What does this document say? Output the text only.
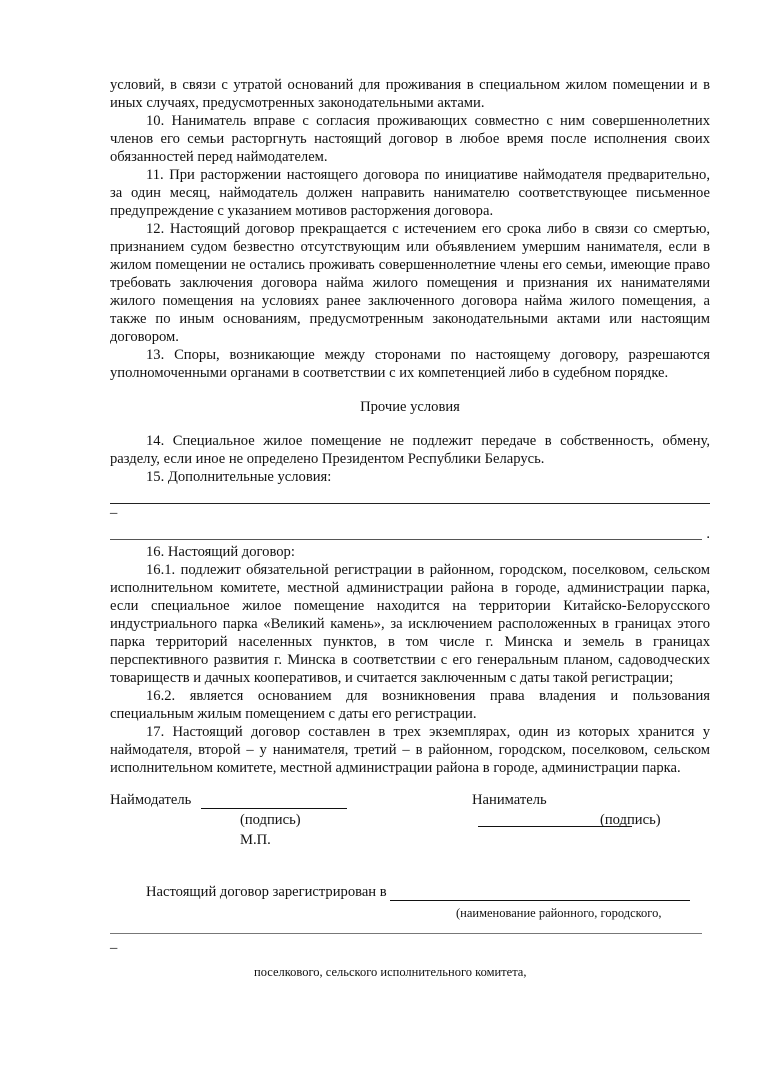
условий, в связи с утратой оснований для проживания в специальном жилом помещении и в иных случаях, предусмотренных законодательными актами.

10. Наниматель вправе с согласия проживающих совместно с ним совершеннолетних членов его семьи расторгнуть настоящий договор в любое время после исполнения своих обязанностей перед наймодателем.

11. При расторжении настоящего договора по инициативе наймодателя предварительно, за один месяц, наймодатель должен направить нанимателю соответствующее письменное предупреждение с указанием мотивов расторжения договора.

12. Настоящий договор прекращается с истечением его срока либо в связи со смертью, признанием судом безвестно отсутствующим или объявлением умершим нанимателя, если в жилом помещении не остались проживать совершеннолетние члены его семьи, имеющие право требовать заключения договора найма жилого помещения и признания их нанимателями жилого помещения на условиях ранее заключенного договора найма жилого помещения, а также по иным основаниям, предусмотренным законодательными актами или настоящим договором.

13. Споры, возникающие между сторонами по настоящему договору, разрешаются уполномоченными органами в соответствии с их компетенцией либо в судебном порядке.

Прочие условия

14. Специальное жилое помещение не подлежит передаче в собственность, обмену, разделу, если иное не определено Президентом Республики Беларусь.

15. Дополнительные условия:

–
.

16. Настоящий договор:

16.1. подлежит обязательной регистрации в районном, городском, поселковом, сельском исполнительном комитете, местной администрации района в городе, администрации парка, если специальное жилое помещение находится на территории Китайско-Белорусского индустриального парка «Великий камень», за исключением расположенных в границах этого парка территорий населенных пунктов, в том числе г. Минска и земель в границах перспективного развития г. Минска в соответствии с его генеральным планом, садоводческих товариществ и дачных кооперативов, и считается заключенным с даты такой регистрации;

16.2. является основанием для возникновения права владения и пользования специальным жилым помещением с даты его регистрации.

17. Настоящий договор составлен в трех экземплярах, один из которых хранится у наймодателя, второй – у нанимателя, третий – в районном, городском, поселковом, сельском исполнительном комитете, местной администрации района в городе, администрации парка.

Наймодатель
(подпись)
М.П.
Наниматель
(подпись)
Настоящий договор зарегистрирован в
(наименование районного, городского,
–
поселкового, сельского исполнительного комитета,
